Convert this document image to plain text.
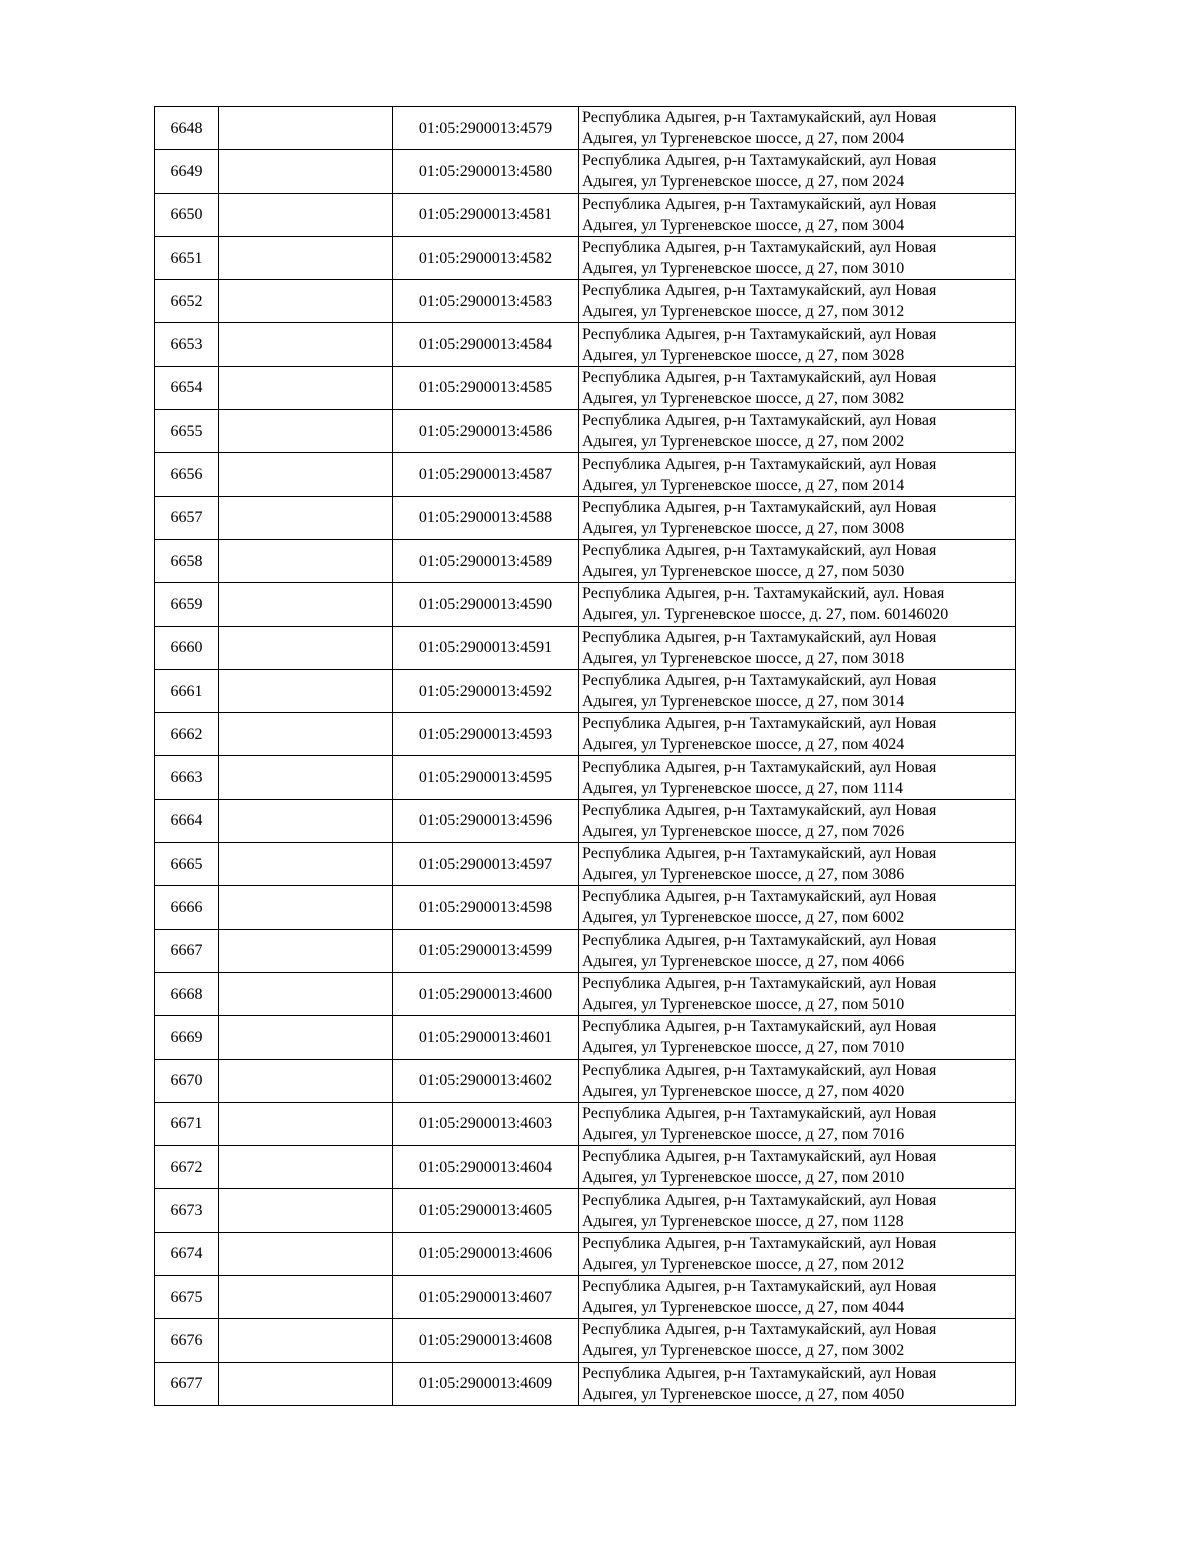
6648		01:05:2900013:4579	Республика Адыгея, р-н Тахтамукайский, аул Новая
Адыгея, ул Тургеневское шоссе, д 27, пом 2004
6649		01:05:2900013:4580	Республика Адыгея, р-н Тахтамукайский, аул Новая
Адыгея, ул Тургеневское шоссе, д 27, пом 2024
6650		01:05:2900013:4581	Республика Адыгея, р-н Тахтамукайский, аул Новая
Адыгея, ул Тургеневское шоссе, д 27, пом 3004
6651		01:05:2900013:4582	Республика Адыгея, р-н Тахтамукайский, аул Новая
Адыгея, ул Тургеневское шоссе, д 27, пом 3010
6652		01:05:2900013:4583	Республика Адыгея, р-н Тахтамукайский, аул Новая
Адыгея, ул Тургеневское шоссе, д 27, пом 3012
6653		01:05:2900013:4584	Республика Адыгея, р-н Тахтамукайский, аул Новая
Адыгея, ул Тургеневское шоссе, д 27, пом 3028
6654		01:05:2900013:4585	Республика Адыгея, р-н Тахтамукайский, аул Новая
Адыгея, ул Тургеневское шоссе, д 27, пом 3082
6655		01:05:2900013:4586	Республика Адыгея, р-н Тахтамукайский, аул Новая
Адыгея, ул Тургеневское шоссе, д 27, пом 2002
6656		01:05:2900013:4587	Республика Адыгея, р-н Тахтамукайский, аул Новая
Адыгея, ул Тургеневское шоссе, д 27, пом 2014
6657		01:05:2900013:4588	Республика Адыгея, р-н Тахтамукайский, аул Новая
Адыгея, ул Тургеневское шоссе, д 27, пом 3008
6658		01:05:2900013:4589	Республика Адыгея, р-н Тахтамукайский, аул Новая
Адыгея, ул Тургеневское шоссе, д 27, пом 5030
6659		01:05:2900013:4590	Республика Адыгея, р-н. Тахтамукайский, аул. Новая
Адыгея, ул. Тургеневское шоссе, д. 27, пом. 60146020
6660		01:05:2900013:4591	Республика Адыгея, р-н Тахтамукайский, аул Новая
Адыгея, ул Тургеневское шоссе, д 27, пом 3018
6661		01:05:2900013:4592	Республика Адыгея, р-н Тахтамукайский, аул Новая
Адыгея, ул Тургеневское шоссе, д 27, пом 3014
6662		01:05:2900013:4593	Республика Адыгея, р-н Тахтамукайский, аул Новая
Адыгея, ул Тургеневское шоссе, д 27, пом 4024
6663		01:05:2900013:4595	Республика Адыгея, р-н Тахтамукайский, аул Новая
Адыгея, ул Тургеневское шоссе, д 27, пом 1114
6664		01:05:2900013:4596	Республика Адыгея, р-н Тахтамукайский, аул Новая
Адыгея, ул Тургеневское шоссе, д 27, пом 7026
6665		01:05:2900013:4597	Республика Адыгея, р-н Тахтамукайский, аул Новая
Адыгея, ул Тургеневское шоссе, д 27, пом 3086
6666		01:05:2900013:4598	Республика Адыгея, р-н Тахтамукайский, аул Новая
Адыгея, ул Тургеневское шоссе, д 27, пом 6002
6667		01:05:2900013:4599	Республика Адыгея, р-н Тахтамукайский, аул Новая
Адыгея, ул Тургеневское шоссе, д 27, пом 4066
6668		01:05:2900013:4600	Республика Адыгея, р-н Тахтамукайский, аул Новая
Адыгея, ул Тургеневское шоссе, д 27, пом 5010
6669		01:05:2900013:4601	Республика Адыгея, р-н Тахтамукайский, аул Новая
Адыгея, ул Тургеневское шоссе, д 27, пом 7010
6670		01:05:2900013:4602	Республика Адыгея, р-н Тахтамукайский, аул Новая
Адыгея, ул Тургеневское шоссе, д 27, пом 4020
6671		01:05:2900013:4603	Республика Адыгея, р-н Тахтамукайский, аул Новая
Адыгея, ул Тургеневское шоссе, д 27, пом 7016
6672		01:05:2900013:4604	Республика Адыгея, р-н Тахтамукайский, аул Новая
Адыгея, ул Тургеневское шоссе, д 27, пом 2010
6673		01:05:2900013:4605	Республика Адыгея, р-н Тахтамукайский, аул Новая
Адыгея, ул Тургеневское шоссе, д 27, пом 1128
6674		01:05:2900013:4606	Республика Адыгея, р-н Тахтамукайский, аул Новая
Адыгея, ул Тургеневское шоссе, д 27, пом 2012
6675		01:05:2900013:4607	Республика Адыгея, р-н Тахтамукайский, аул Новая
Адыгея, ул Тургеневское шоссе, д 27, пом 4044
6676		01:05:2900013:4608	Республика Адыгея, р-н Тахтамукайский, аул Новая
Адыгея, ул Тургеневское шоссе, д 27, пом 3002
6677		01:05:2900013:4609	Республика Адыгея, р-н Тахтамукайский, аул Новая
Адыгея, ул Тургеневское шоссе, д 27, пом 4050
